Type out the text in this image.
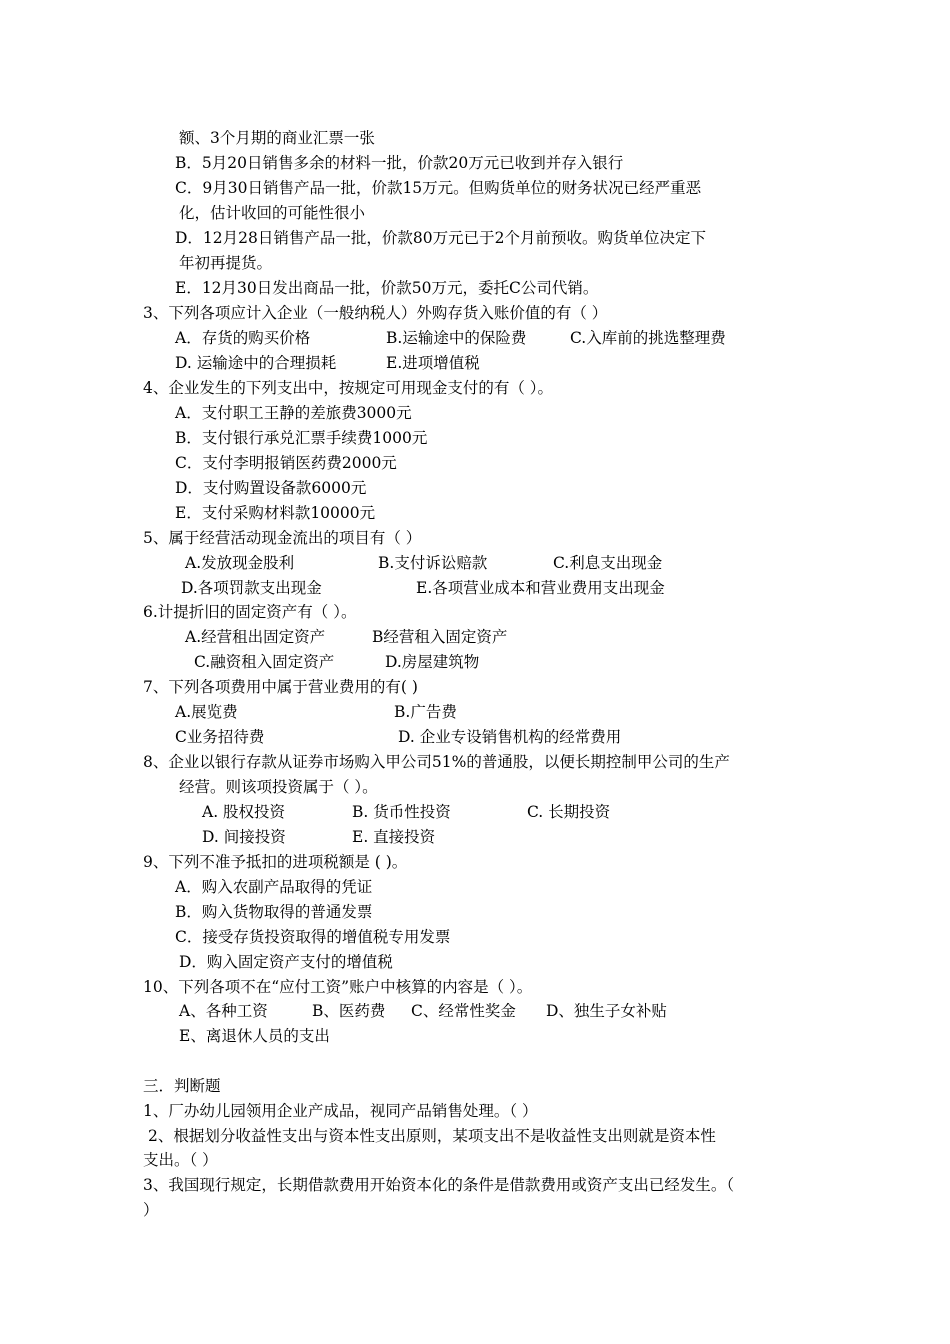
额、3个月期的商业汇票一张
B．5月20日销售多余的材料一批，价款20万元已收到并存入银行
C．9月30日销售产品一批，价款15万元。但购货单位的财务状况已经严重恶
化，估计收回的可能性很小
D．12月28日销售产品一批，价款80万元已于2个月前预收。购货单位决定下
年初再提货。
E．12月30日发出商品一批，价款50万元，委托C公司代销。
3、下列各项应计入企业（一般纳税人）外购存货入账价值的有（ ）
A．存货的购买价格	B.运输途中的保险费	C.入库前的挑选整理费
D. 运输途中的合理损耗	E.进项增值税
4、企业发生的下列支出中，按规定可用现金支付的有（ ）。
A．支付职工王静的差旅费3000元
B．支付银行承兑汇票手续费1000元
C．支付李明报销医药费2000元
D．支付购置设备款6000元
E．支付采购材料款10000元
5、属于经营活动现金流出的项目有（ ）
A.发放现金股利	B.支付诉讼赔款	C.利息支出现金
D.各项罚款支出现金	E.各项营业成本和营业费用支出现金
6.计提折旧的固定资产有（ ）。
A.经营租出固定资产	B经营租入固定资产
C.融资租入固定资产	D.房屋建筑物
7、下列各项费用中属于营业费用的有( )
A.展览费	B.广告费
C业务招待费	D. 企业专设销售机构的经常费用
8、企业以银行存款从证券市场购入甲公司51%的普通股，以便长期控制甲公司的生产
经营。则该项投资属于（ ）。
A. 股权投资	B. 货币性投资	C. 长期投资
D. 间接投资	E. 直接投资
9、下列不准予抵扣的进项税额是 ( )。
A．购入农副产品取得的凭证
B．购入货物取得的普通发票
C．接受存货投资取得的增值税专用发票
D．购入固定资产支付的增值税
10、下列各项不在“应付工资”账户中核算的内容是（ ）。
A、各种工资	B、医药费 C、经常性奖金 D、独生子女补贴
E、离退休人员的支出
三．判断题
1、厂办幼儿园领用企业产成品，视同产品销售处理。（ ）
2、根据划分收益性支出与资本性支出原则，某项支出不是收益性支出则就是资本性
支出。（ ）
3、我国现行规定，长期借款费用开始资本化的条件是借款费用或资产支出已经发生。（
）
